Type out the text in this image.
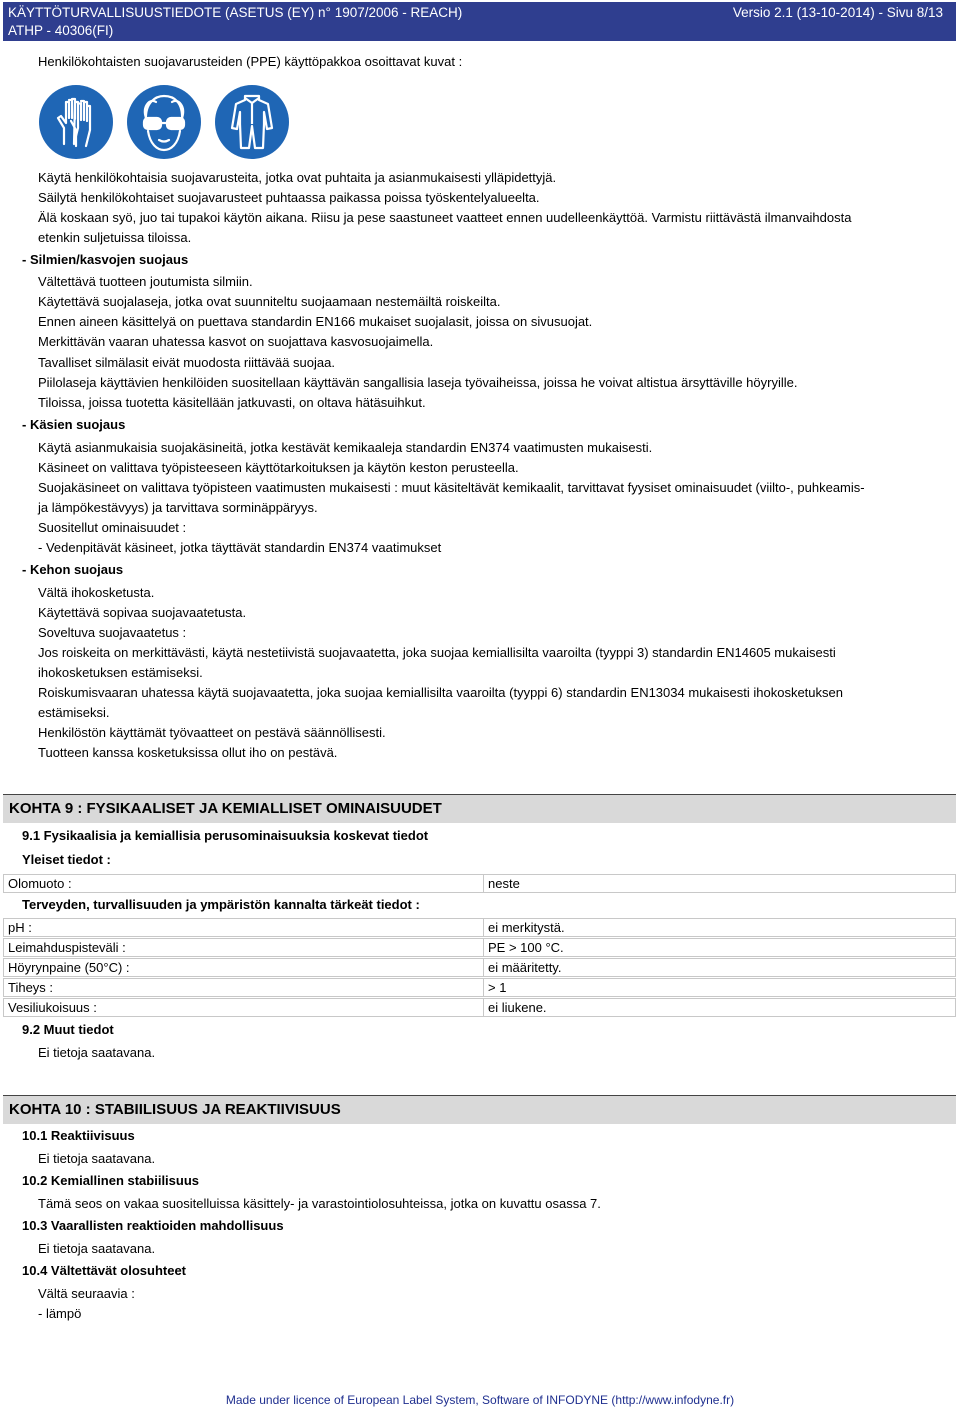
KÄYTTÖTURVALLISUUSTIEDOTE (ASETUS (EY) n° 1907/2006 - REACH)
ATHP - 40306(FI)
Versio 2.1 (13-10-2014) - Sivu 8/13
Henkilökohtaisten suojavarusteiden (PPE) käyttöpakkoa osoittavat kuvat :
Käytä henkilökohtaisia suojavarusteita, jotka ovat puhtaita ja asianmukaisesti ylläpidettyjä.
Säilytä henkilökohtaiset suojavarusteet puhtaassa paikassa poissa työskentelyalueelta.
Älä koskaan syö, juo tai tupakoi käytön aikana. Riisu ja pese saastuneet vaatteet ennen uudelleenkäyttöä. Varmistu riittävästä ilmanvaihdosta
etenkin suljetuissa tiloissa.
- Silmien/kasvojen suojaus
Vältettävä tuotteen joutumista silmiin.
Käytettävä suojalaseja, jotka ovat suunniteltu suojaamaan nestemäiltä roiskeilta.
Ennen aineen käsittelyä on puettava standardin EN166 mukaiset suojalasit, joissa on sivusuojat.
Merkittävän vaaran uhatessa kasvot on suojattava kasvosuojaimella.
Tavalliset silmälasit eivät muodosta riittävää suojaa.
Piilolaseja käyttävien henkilöiden suositellaan käyttävän sangallisia laseja työvaiheissa, joissa he voivat altistua ärsyttäville höyryille.
Tiloissa, joissa tuotetta käsitellään jatkuvasti, on oltava hätäsuihkut.
- Käsien suojaus
Käytä asianmukaisia suojakäsineitä, jotka kestävät kemikaaleja standardin EN374 vaatimusten mukaisesti.
Käsineet on valittava työpisteeseen käyttötarkoituksen ja käytön keston perusteella.
Suojakäsineet on valittava työpisteen vaatimusten mukaisesti : muut käsiteltävät kemikaalit, tarvittavat fyysiset ominaisuudet (viilto-, puhkeamis-
ja lämpökestävyys) ja tarvittava sorminäppäryys.
Suositellut ominaisuudet :
- Vedenpitävät käsineet, jotka täyttävät standardin EN374 vaatimukset
- Kehon suojaus
Vältä ihokosketusta.
Käytettävä sopivaa suojavaatetusta.
Soveltuva suojavaatetus :
Jos roiskeita on merkittävästi, käytä nestetiivistä suojavaatetta, joka suojaa kemiallisilta vaaroilta (tyyppi 3) standardin EN14605 mukaisesti
ihokosketuksen estämiseksi.
Roiskumisvaaran uhatessa käytä suojavaatetta, joka suojaa kemiallisilta vaaroilta (tyyppi 6) standardin EN13034 mukaisesti ihokosketuksen
estämiseksi.
Henkilöstön käyttämät työvaatteet on pestävä säännöllisesti.
Tuotteen kanssa kosketuksissa ollut iho on pestävä.
KOHTA 9 : FYSIKAALISET JA KEMIALLISET OMINAISUUDET
9.1 Fysikaalisia ja kemiallisia perusominaisuuksia koskevat tiedot
Yleiset tiedot :
Olomuoto :	neste
Terveyden, turvallisuuden ja ympäristön kannalta tärkeät tiedot :
pH :	ei merkitystä.
Leimahduspisteväli :	PE > 100 °C.
Höyrynpaine (50°C) :	ei määritetty.
Tiheys :	> 1
Vesiliukoisuus :	ei liukene.
9.2 Muut tiedot
Ei tietoja saatavana.
KOHTA 10 : STABIILISUUS JA REAKTIIVISUUS
10.1 Reaktiivisuus
Ei tietoja saatavana.
10.2 Kemiallinen stabiilisuus
Tämä seos on vakaa suositelluissa käsittely- ja varastointiolosuhteissa, jotka on kuvattu osassa 7.
10.3 Vaarallisten reaktioiden mahdollisuus
Ei tietoja saatavana.
10.4 Vältettävät olosuhteet
Vältä seuraavia :
- lämpö
Made under licence of European Label System, Software of INFODYNE (http://www.infodyne.fr)
